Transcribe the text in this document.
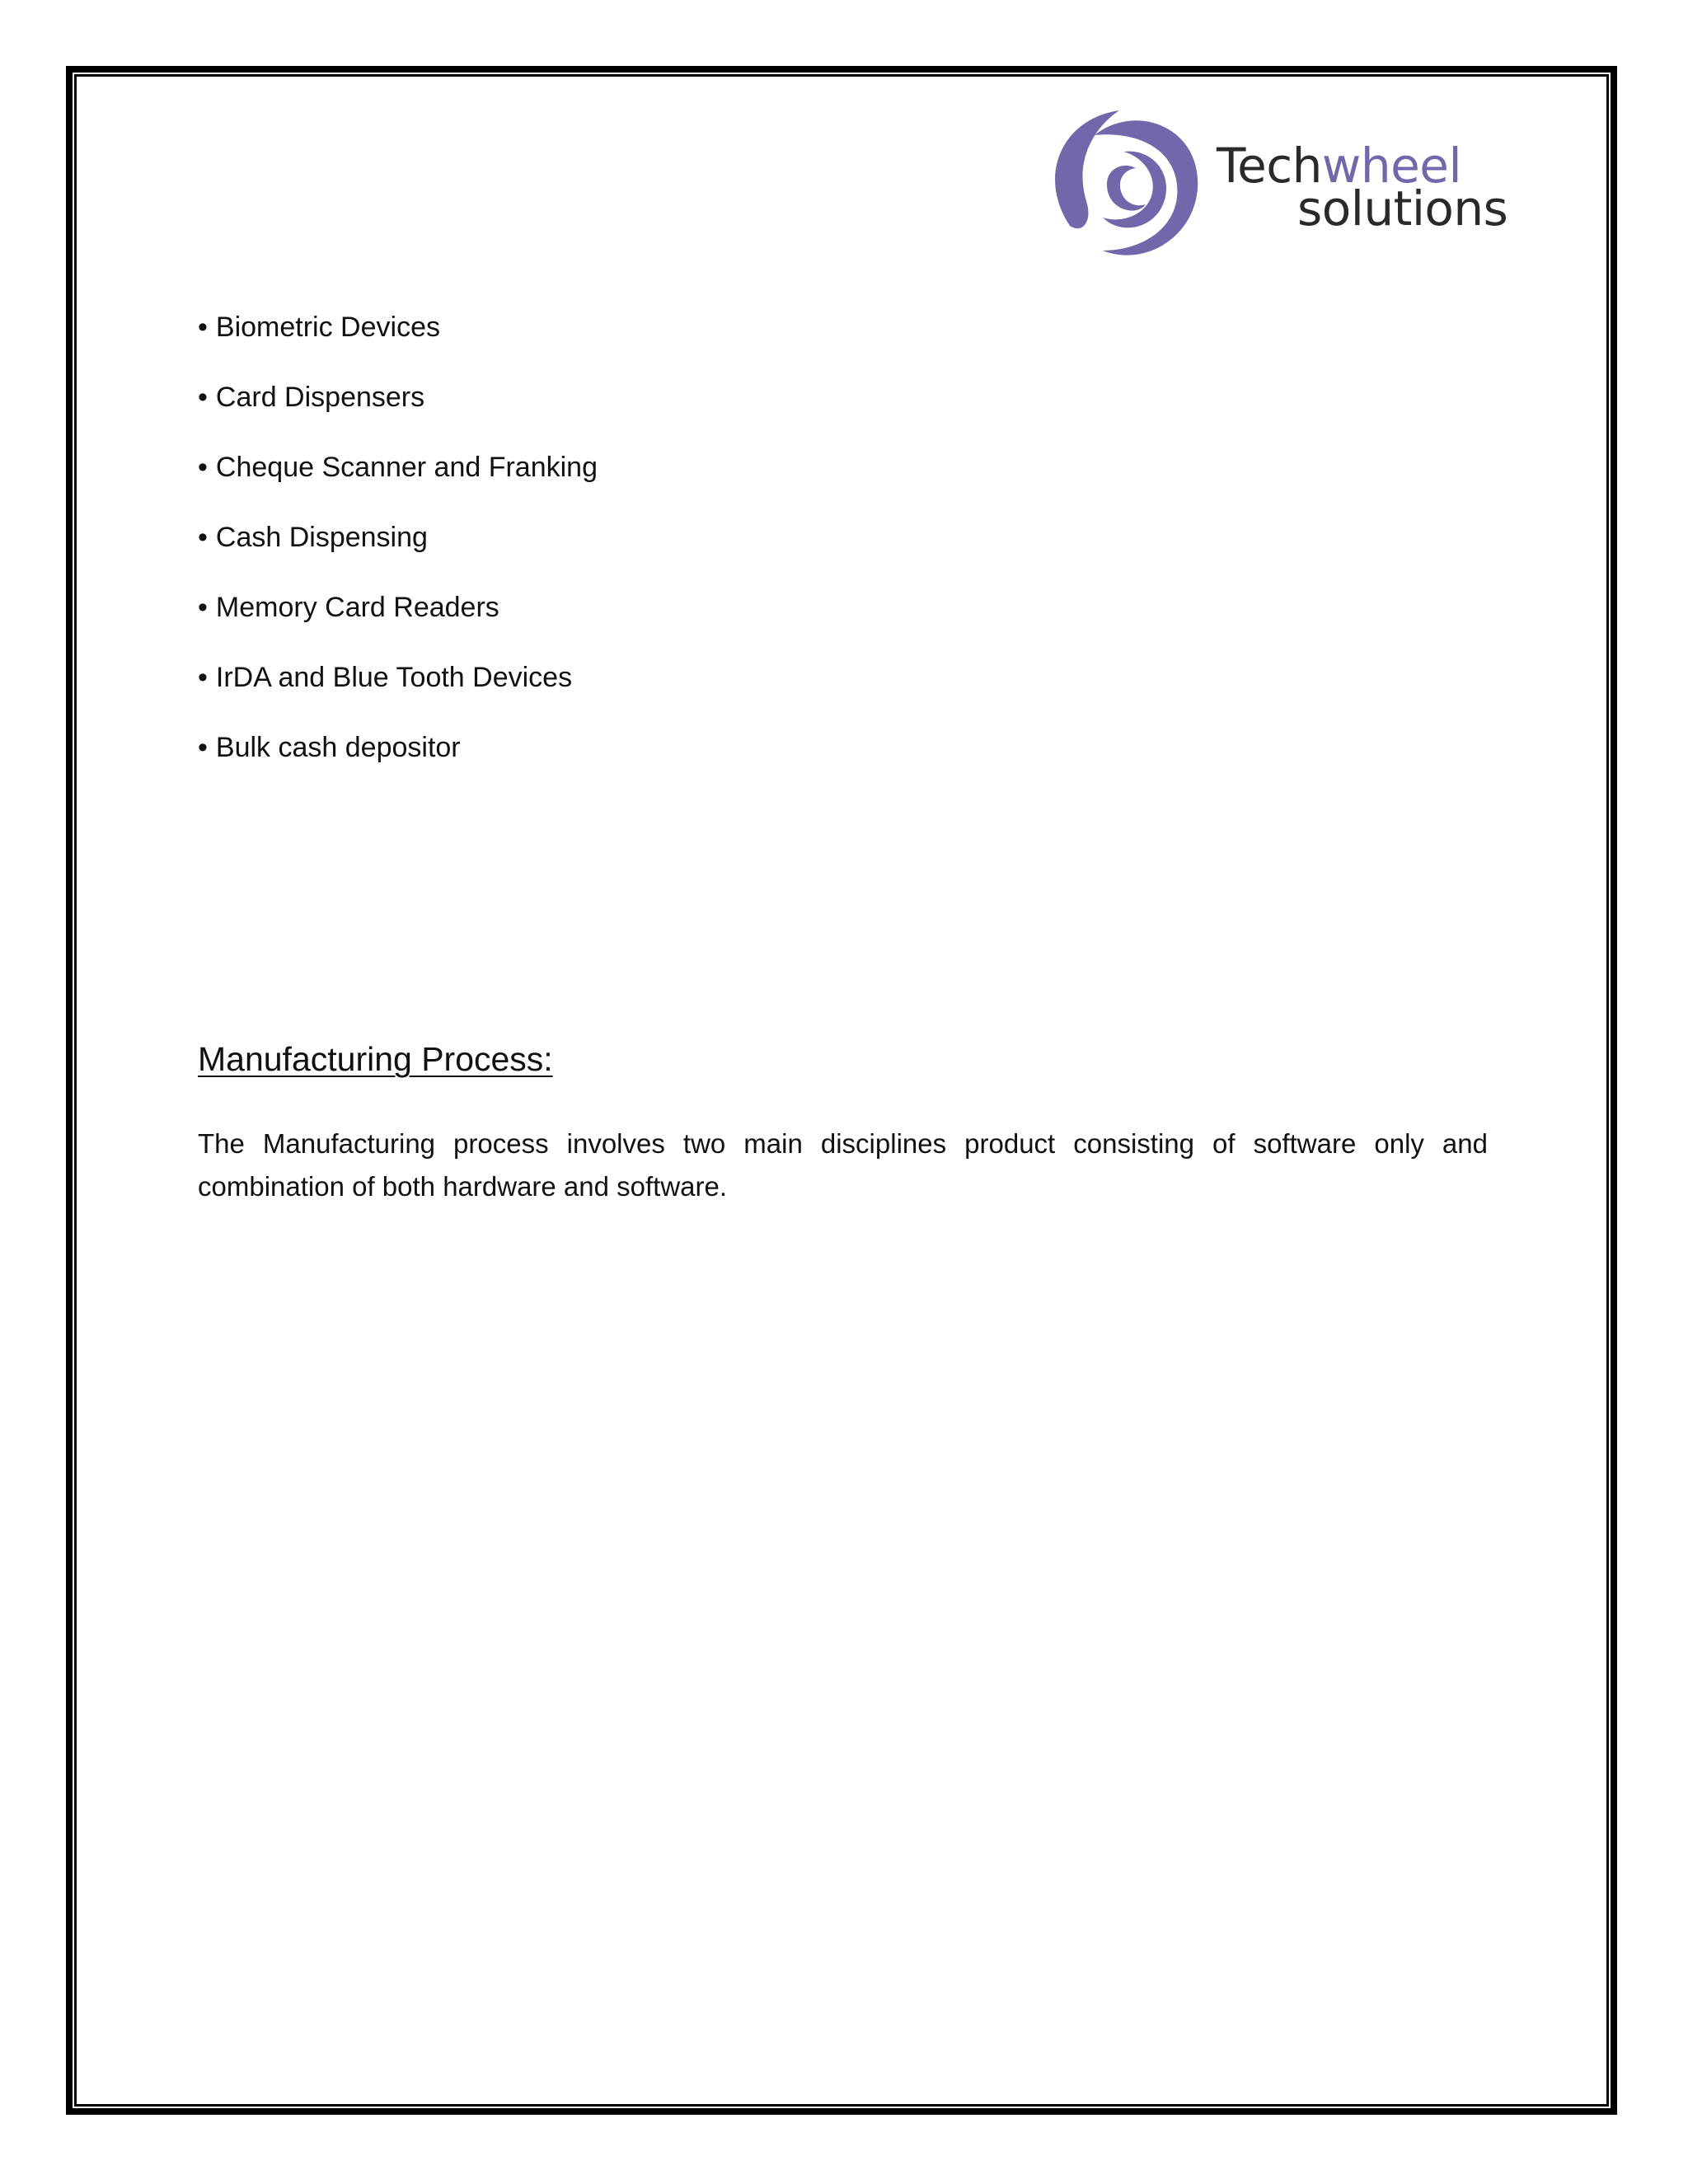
Techwheel
solutions
• Biometric Devices
• Card Dispensers
• Cheque Scanner and Franking
• Cash Dispensing
• Memory Card Readers
• IrDA and Blue Tooth Devices
• Bulk cash depositor
Manufacturing Process:

The Manufacturing process involves two main disciplines product consisting of software only and combination of both hardware and software.
